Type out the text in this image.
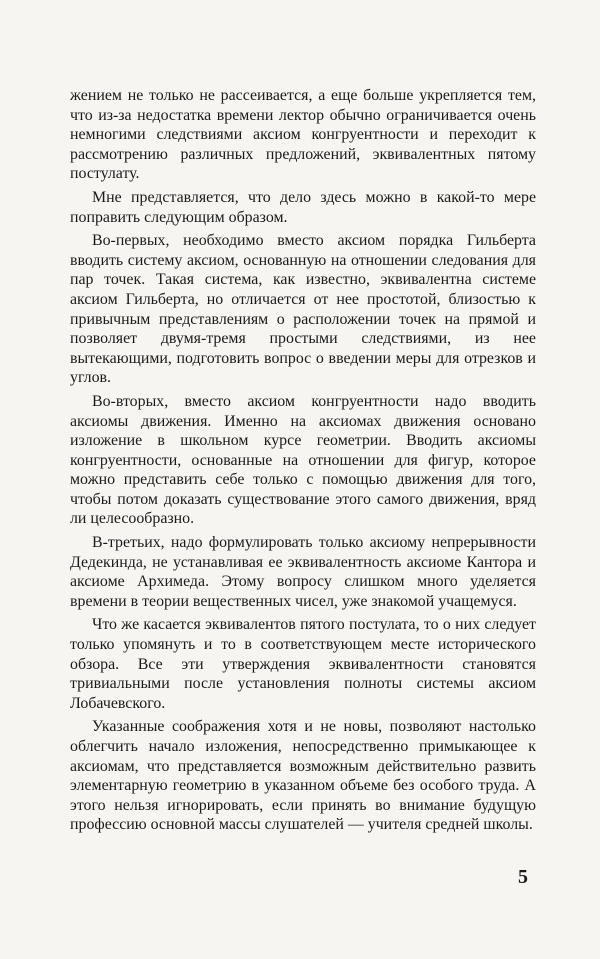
жением не только не рассеивается, а еще больше укрепляется тем, что из-за недостатка времени лектор обычно ограничивается очень немногими следствиями аксиом конгруентности и переходит к рассмотрению различных предложений, эквивалентных пятому постулату.

Мне представляется, что дело здесь можно в какой-то мере поправить следующим образом.

Во-первых, необходимо вместо аксиом порядка Гильберта вводить систему аксиом, основанную на отношении следования для пар точек. Такая система, как известно, эквивалентна системе аксиом Гильберта, но отличается от нее простотой, близостью к привычным представлениям о расположении точек на прямой и позволяет двумя-тремя простыми следствиями, из нее вытекающими, подготовить вопрос о введении меры для отрезков и углов.

Во-вторых, вместо аксиом конгруентности надо вводить аксиомы движения. Именно на аксиомах движения основано изложение в школьном курсе геометрии. Вводить аксиомы конгруентности, основанные на отношении для фигур, которое можно представить себе только с помощью движения для того, чтобы потом доказать существование этого самого движения, вряд ли целесообразно.

В-третьих, надо формулировать только аксиому непрерывности Дедекинда, не устанавливая ее эквивалентность аксиоме Кантора и аксиоме Архимеда. Этому вопросу слишком много уделяется времени в теории вещественных чисел, уже знакомой учащемуся.

Что же касается эквивалентов пятого постулата, то о них следует только упомянуть и то в соответствующем месте исторического обзора. Все эти утверждения эквивалентности становятся тривиальными после установления полноты системы аксиом Лобачевского.

Указанные соображения хотя и не новы, позволяют настолько облегчить начало изложения, непосредственно примыкающее к аксиомам, что представляется возможным действительно развить элементарную геометрию в указанном объеме без особого труда. А этого нельзя игнорировать, если принять во внимание будущую профессию основной массы слушателей — учителя средней школы.

5
